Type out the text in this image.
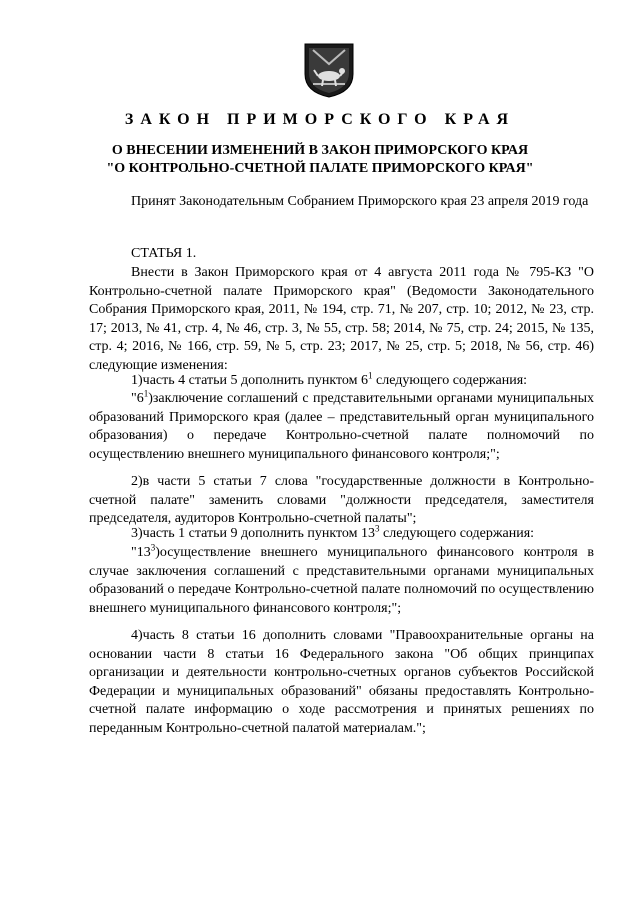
ЗАКОН ПРИМОРСКОГО КРАЯ

О ВНЕСЕНИИ ИЗМЕНЕНИЙ В ЗАКОН ПРИМОРСКОГО КРАЯ

"О КОНТРОЛЬНО-СЧЕТНОЙ ПАЛАТЕ ПРИМОРСКОГО КРАЯ"

Принят Законодательным Собранием Приморского края 23 апреля 2019 года

СТАТЬЯ 1.

Внести в Закон Приморского края от 4 августа 2011 года № 795-КЗ "О Контрольно-счетной палате Приморского края" (Ведомости Законодательного Собрания Приморского края, 2011, № 194, стр. 71, № 207, стр. 10; 2012, № 23, стр. 17; 2013, № 41, стр. 4, № 46, стр. 3, № 55, стр. 58; 2014, № 75, стр. 24; 2015, № 135, стр. 4; 2016, № 166, стр. 59, № 5, стр. 23; 2017, № 25, стр. 5; 2018, № 56, стр. 46) следующие изменения:

1)часть 4 статьи 5 дополнить пунктом $6^1$ следующего содержания:

"$6^1)заключение$ соглашений с представительными органами муниципальных образований Приморского края (далее – представительный орган муниципального образования) о передаче Контрольно-счетной палате полномочий по осуществлению внешнего муниципального финансового контроля;";

2)в части 5 статьи 7 слова "государственные должности в Контрольно-счетной палате" заменить словами "должности председателя, заместителя председателя, аудиторов Контрольно-счетной палаты";

3)часть 1 статьи 9 дополнить пунктом $13^3$ следующего содержания:

"$13^3)осуществление$ внешнего муниципального финансового контроля в случае заключения соглашений с представительными органами муниципальных образований о передаче Контрольно-счетной палате полномочий по осуществлению внешнего муниципального финансового контроля;";

4)часть 8 статьи 16 дополнить словами "Правоохранительные органы на основании части 8 статьи 16 Федерального закона "Об общих принципах организации и деятельности контрольно-счетных органов субъектов Российской Федерации и муниципальных образований" обязаны предоставлять Контрольно-счетной палате информацию о ходе рассмотрения и принятых решениях по переданным Контрольно-счетной палатой материалам.";
